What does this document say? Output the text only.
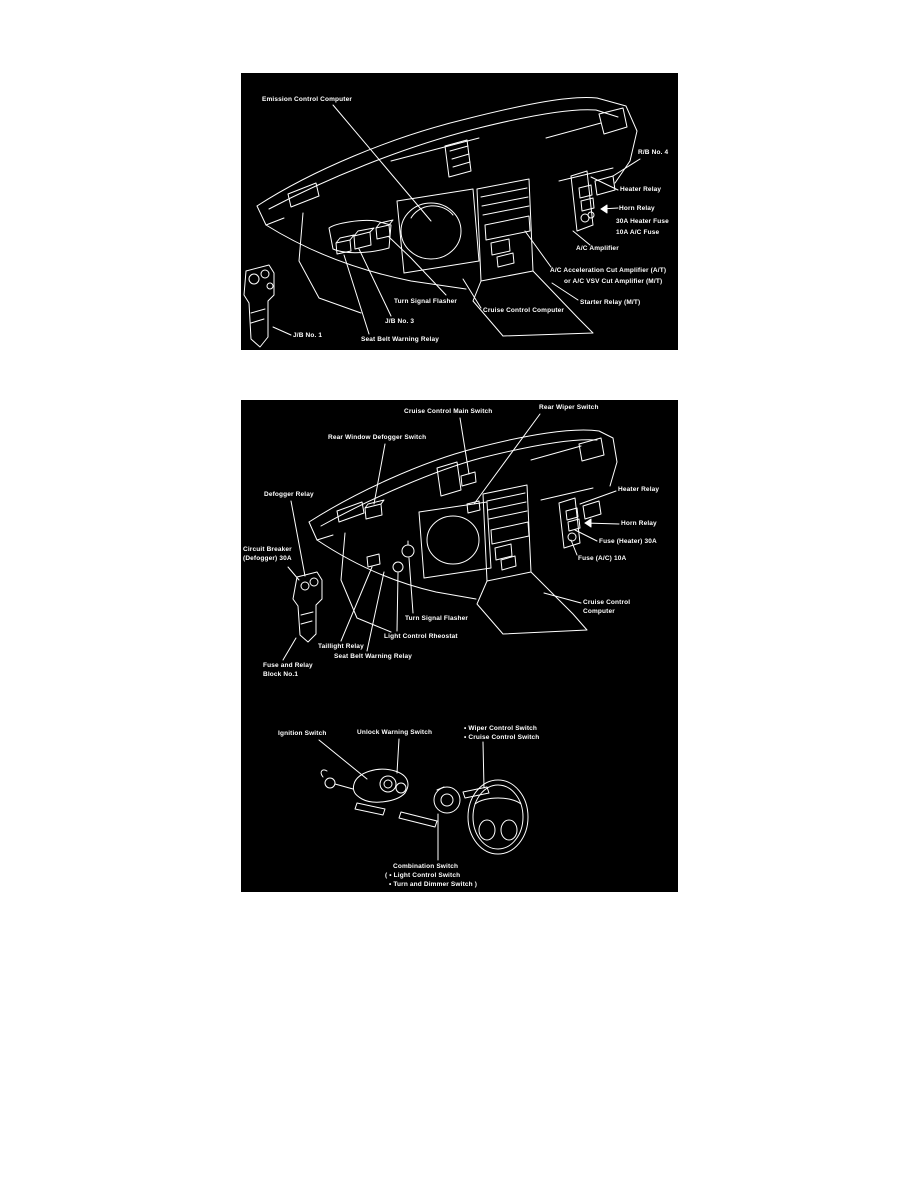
Emission Control Computer
R/B No. 4
Heater Relay
Horn Relay
30A Heater Fuse
10A A/C Fuse
A/C Amplifier
A/C Acceleration Cut Amplifier (A/T)
or A/C VSV Cut Amplifier (M/T)
Starter Relay (M/T)
Cruise Control Computer
Turn Signal Flasher
J/B No. 3
Seat Belt Warning Relay
J/B No. 1
Cruise Control Main Switch
Rear Wiper Switch
Rear Window Defogger Switch
Defogger Relay
Circuit Breaker
(Defogger) 30A
Heater Relay
Horn Relay
Fuse (Heater) 30A
Fuse (A/C) 10A
Cruise Control
Computer
Turn Signal Flasher
Light Control Rheostat
Taillight Relay
Seat Belt Warning Relay
Fuse and Relay
Block No.1
Ignition Switch	Unlock Warning Switch
• Wiper Control Switch
• Cruise Control Switch
Combination Switch
( • Light Control Switch
• Turn and Dimmer Switch )
